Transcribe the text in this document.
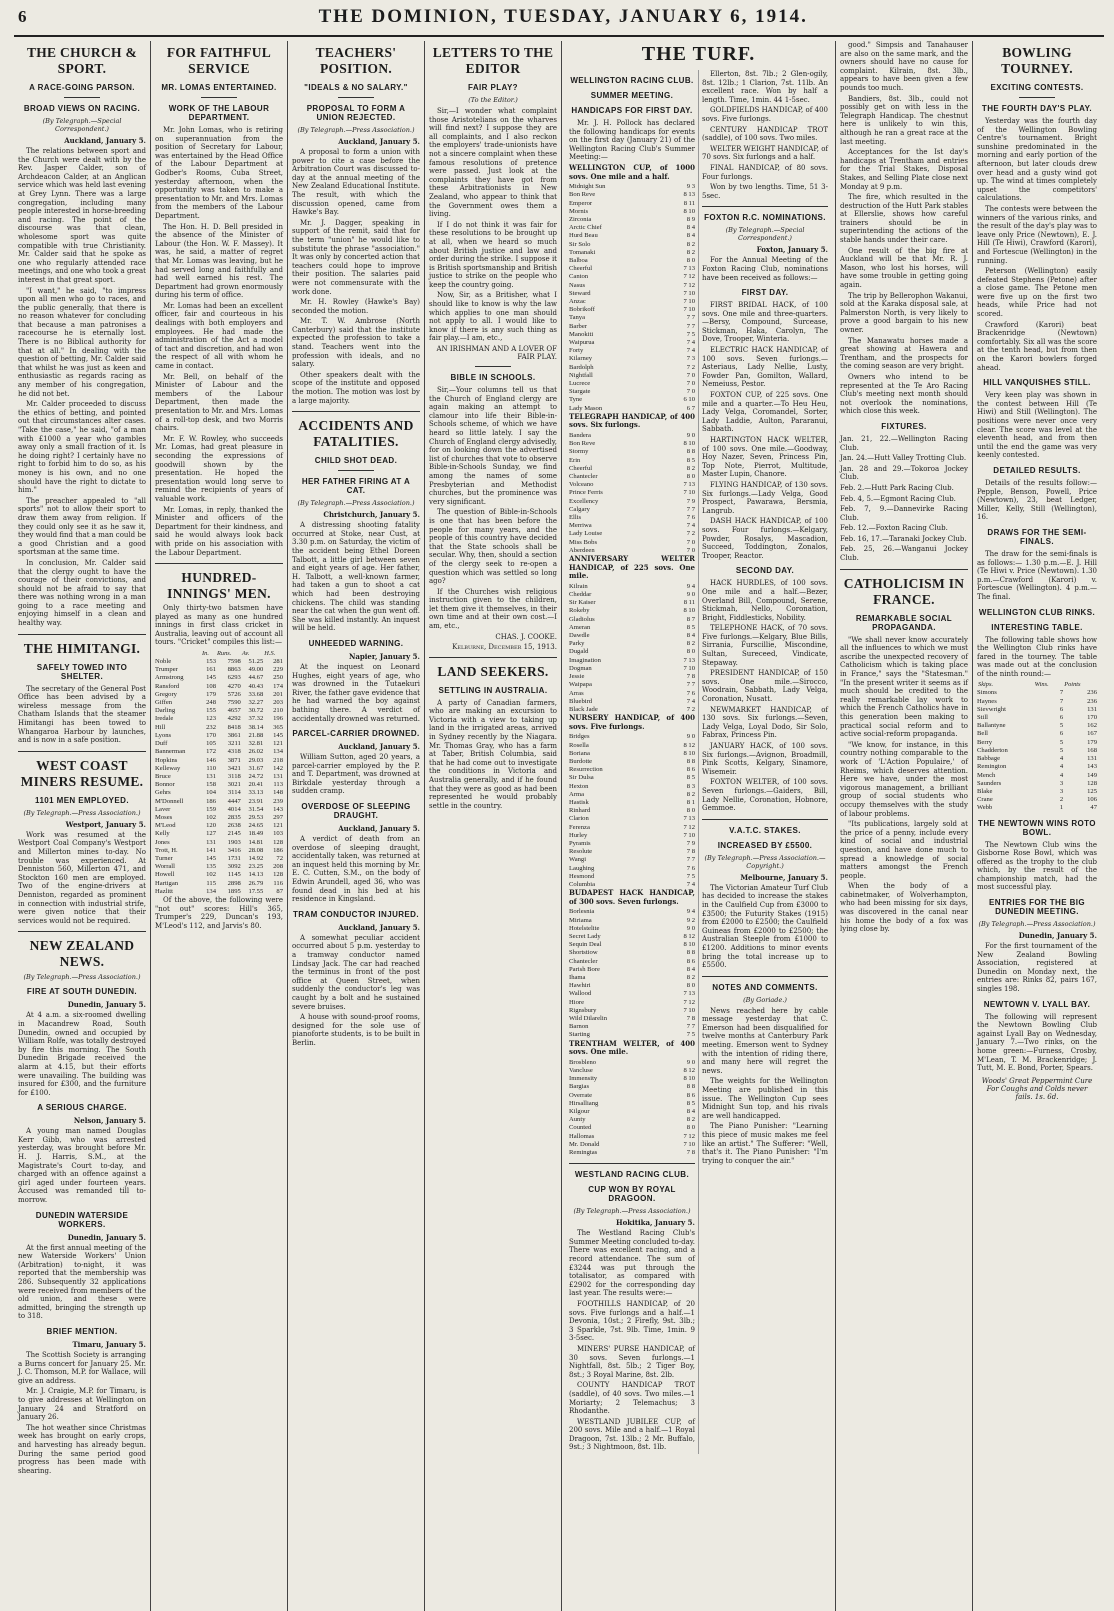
6	THE DOMINION, TUESDAY, JANUARY 6, 1914.
THE CHURCH & SPORT.
A RACE-GOING PARSON.
BROAD VIEWS ON RACING.
(By Telegraph.—Special Correspondent.)
Auckland, January 5.

The relations between sport and the Church were dealt with by the Rev. Jasper Calder, son of Archdeacon Calder, at an Anglican service which was held last evening at Grey Lynn. There was a large congregation, including many people interested in horse-breeding and racing. The point of the discourse was that clean, wholesome sport was quite compatible with true Christianity. Mr. Calder said that he spoke as one who regularly attended race meetings, and one who took a great interest in that great sport.

"I want," he said, "to impress upon all men who go to races, and the public generally, that there is no reason whatever for concluding that because a man patronises a racecourse he is eternally lost. There is no Biblical authority for that at all." In dealing with the question of betting, Mr. Calder said that whilst he was just as keen and enthusiastic as regards racing as any member of his congregation, he did not bet.

Mr. Calder proceeded to discuss the ethics of betting, and pointed out that circumstances alter cases. "Take the case," he said, "of a man with £1000 a year who gambles away only a small fraction of it. Is he doing right? I certainly have no right to forbid him to do so, as his money is his own, and no one should have the right to dictate to him."

The preacher appealed to "all sports" not to allow their sport to draw them away from religion. If they could only see it as he saw it, they would find that a man could be a good Christian and a good sportsman at the same time.

In conclusion, Mr. Calder said that the clergy ought to have the courage of their convictions, and should not be afraid to say that there was nothing wrong in a man going to a race meeting and enjoying himself in a clean and healthy way.

THE HIMITANGI.
SAFELY TOWED INTO SHELTER.

The secretary of the General Post Office has been advised by a wireless message from the Chatham Islands that the steamer Himitangi has been towed to Whangaroa Harbour by launches, and is now in a safe position.

WEST COAST MINERS RESUME.
1101 MEN EMPLOYED.
(By Telegraph.—Press Association.)
Westport, January 5.

Work was resumed at the Westport Coal Company's Westport and Millerton mines to-day. No trouble was experienced. At Denniston 560, Millerton 471, and Stockton 160 men are employed. Two of the engine-drivers at Denniston, regarded as prominent in connection with industrial strife, were given notice that their services would not be required.

NEW ZEALAND NEWS.
(By Telegraph.—Press Association.)
FIRE AT SOUTH DUNEDIN.
Dunedin, January 5.

At 4 a.m. a six-roomed dwelling in Macandrew Road, South Dunedin, owned and occupied by William Rolfe, was totally destroyed by fire this morning. The South Dunedin Brigade received the alarm at 4.15, but their efforts were unavailing. The building was insured for £300, and the furniture for £100.

A SERIOUS CHARGE.
Nelson, January 5.

A young man named Douglas Kerr Gibb, who was arrested yesterday, was brought before Mr. H. J. Harris, S.M., at the Magistrate's Court to-day, and charged with an offence against a girl aged under fourteen years. Accused was remanded till to-morrow.

DUNEDIN WATERSIDE WORKERS.
Dunedin, January 5.

At the first annual meeting of the new Waterside Workers' Union (Arbitration) to-night, it was reported that the membership was 286. Subsequently 32 applications were received from members of the old union, and these were admitted, bringing the strength up to 318.

BRIEF MENTION.
Timaru, January 5.

The Scottish Society is arranging a Burns concert for January 25. Mr. J. C. Thomson, M.P. for Wallace, will give an address.

Mr. J. Craigie, M.P. for Timaru, is to give addresses at Wellington on January 24 and Stratford on January 26.

The hot weather since Christmas week has brought on early crops, and harvesting has already begun. During the same period good progress has been made with shearing.

FOR FAITHFUL SERVICE
MR. LOMAS ENTERTAINED.
WORK OF THE LABOUR DEPARTMENT.

Mr. John Lomas, who is retiring on superannuation from the position of Secretary for Labour, was entertained by the Head Office of the Labour Department at Godber's Rooms, Cuba Street, yesterday afternoon, when the opportunity was taken to make a presentation to Mr. and Mrs. Lomas from the members of the Labour Department.

The Hon. H. D. Bell presided in the absence of the Minister of Labour (the Hon. W. F. Massey). It was, he said, a matter of regret that Mr. Lomas was leaving, but he had served long and faithfully and had well earned his rest. The Department had grown enormously during his term of office.

Mr. Lomas had been an excellent officer, fair and courteous in his dealings with both employers and employees. He had made the administration of the Act a model of tact and discretion, and had won the respect of all with whom he came in contact.

Mr. Bell, on behalf of the Minister of Labour and the members of the Labour Department, then made the presentation to Mr. and Mrs. Lomas of a roll-top desk, and two Morris chairs.

Mr. F. W. Rowley, who succeeds Mr. Lomas, had great pleasure in seconding the expressions of goodwill shown by the presentation. He hoped the presentation would long serve to remind the recipients of years of valuable work.

Mr. Lomas, in reply, thanked the Minister and officers of the Department for their kindness, and said he would always look back with pride on his association with the Labour Department.

HUNDRED-INNINGS' MEN.

Only thirty-two batsmen have played as many as one hundred innings in first class cricket in Australia, leaving out of account all tours. "Cricket" compiles this list:—

	In.	Runs.	Av.	H.S.
Noble	153	7598	51.25	281
Trumper	161	8863	49.00	229
Armstrong	145	6293	44.67	250
Ransford	108	4270	40.43	174
Gregory	179	5726	33.68	201
Giffen	248	7590	32.27	203
Darling	155	4657	30.72	210
Iredale	123	4292	37.32	196
Hill	232	8418	38.14	365
Lyons	170	3861	21.88	145
Duff	105	3211	32.81	121
Bannerman	172	4318	26.02	134
Hopkins	146	3871	29.03	218
Kelleway	110	3421	31.67	142
Bruce	131	3118	24.72	131
Bonnor	158	3021	20.41	113
Gehrs	104	3114	33.13	148
M'Donnell	186	4447	23.91	239
Laver	159	4014	31.54	143
Moses	102	2835	29.53	297
M'Leod	120	2638	24.65	121
Kelly	127	2145	18.49	103
Jones	131	1903	14.81	128
Trott, H.	141	3416	28.08	186
Turner	145	1731	14.92	72
Worrall	135	3092	23.25	208
Howell	102	1145	14.13	128
Hartigan	115	2898	26.79	116
Hazlitt	134	1895	17.55	87

Of the above, the following were "not out" scores: Hill's 365, Trumper's 229, Duncan's 193, M'Leod's 112, and Jarvis's 80.

TEACHERS' POSITION.
"IDEALS & NO SALARY."
PROPOSAL TO FORM A UNION REJECTED.
(By Telegraph.—Press Association.)
Auckland, January 5.

A proposal to form a union with power to cite a case before the Arbitration Court was discussed to-day at the annual meeting of the New Zealand Educational Institute. The result, with which the discussion opened, came from Hawke's Bay.

Mr. J. Dagger, speaking in support of the remit, said that for the term "union" he would like to substitute the phrase "association." It was only by concerted action that teachers could hope to improve their position. The salaries paid were not commensurate with the work done.

Mr. H. Rowley (Hawke's Bay) seconded the motion.

Mr. T. W. Ambrose (North Canterbury) said that the institute expected the profession to take a stand. Teachers went into the profession with ideals, and no salary.

Other speakers dealt with the scope of the institute and opposed the motion. The motion was lost by a large majority.

ACCIDENTS AND FATALITIES.
CHILD SHOT DEAD.
HER FATHER FIRING AT A CAT.
(By Telegraph.—Press Association.)
Christchurch, January 5.

A distressing shooting fatality occurred at Stoke, near Cust, at 3.30 p.m. on Saturday, the victim of the accident being Ethel Doreen Talbott, a little girl between seven and eight years of age. Her father, H. Talbott, a well-known farmer, had taken a gun to shoot a cat which had been destroying chickens. The child was standing near the cat when the gun went off. She was killed instantly. An inquest will be held.

UNHEEDED WARNING.
Napier, January 5.

At the inquest on Leonard Hughes, eight years of age, who was drowned in the Tutaekuri River, the father gave evidence that he had warned the boy against bathing there. A verdict of accidentally drowned was returned.

PARCEL-CARRIER DROWNED.
Auckland, January 5.

William Sutton, aged 20 years, a parcel-carrier employed by the P. and T. Department, was drowned at Birkdale yesterday through a sudden cramp.

OVERDOSE OF SLEEPING DRAUGHT.
Auckland, January 5.

A verdict of death from an overdose of sleeping draught, accidentally taken, was returned at an inquest held this morning by Mr. E. C. Cutten, S.M., on the body of Edwin Arundell, aged 36, who was found dead in his bed at his residence in Kingsland.

TRAM CONDUCTOR INJURED.
Auckland, January 5.

A somewhat peculiar accident occurred about 5 p.m. yesterday to a tramway conductor named Lindsay Jack. The car had reached the terminus in front of the post office at Queen Street, when suddenly the conductor's leg was caught by a bolt and he sustained severe bruises.

A house with sound-proof rooms, designed for the sole use of pianoforte students, is to be built in Berlin.

LETTERS TO THE EDITOR
FAIR PLAY?
(To the Editor.)

Sir,—I wonder what complaint those Aristotelians on the wharves will find next? I suppose they are all complaints, and I also reckon the employers' trade-unionists have not a sincere complaint when these famous resolutions of pretence were passed. Just look at the complaints they have got from these Arbitrationists in New Zealand, who appear to think that the Government owes them a living.

If I do not think it was fair for these resolutions to be brought up at all, when we heard so much about British justice and law and order during the strike. I suppose it is British sportsmanship and British justice to strike on the people who keep the country going.

Now, Sir, as a Britisher, what I should like to know is why the law which applies to one man should not apply to all. I would like to know if there is any such thing as fair play.—I am, etc.,

AN IRISHMAN AND A LOVER OF FAIR PLAY.

BIBLE IN SCHOOLS.

Sir,—Your columns tell us that the Church of England clergy are again making an attempt to clamour into life their Bible-in-Schools scheme, of which we have heard so little lately. I say the Church of England clergy advisedly, for on looking down the advertised list of churches that vote to observe Bible-in-Schools Sunday, we find among the names of some Presbyterian and Methodist churches, but the prominence was very significant.

The question of Bible-in-Schools is one that has been before the people for many years, and the people of this country have decided that the State schools shall be secular. Why, then, should a section of the clergy seek to re-open a question which was settled so long ago?

If the Churches wish religious instruction given to the children, let them give it themselves, in their own time and at their own cost.—I am, etc.,

CHAS. J. COOKE.

Kelburne, December 15, 1913.

LAND SEEKERS.
SETTLING IN AUSTRALIA.

A party of Canadian farmers, who are making an excursion to Victoria with a view to taking up land in the irrigated areas, arrived in Sydney recently by the Niagara. Mr. Thomas Gray, who has a farm at Taber, British Columbia, said that he had come out to investigate the conditions in Victoria and Australia generally, and if he found that they were as good as had been represented he would probably settle in the country.

THE TURF.
WELLINGTON RACING CLUB.
SUMMER MEETING.
HANDICAPS FOR FIRST DAY.

Mr. J. H. Pollock has declared the following handicaps for events on the first day (January 21) of the Wellington Racing Club's Summer Meeting:—

WELLINGTON CUP, of 1000 sovs. One mile and a half.

Midnight Sun	9 3
Bon Reve	8 13
Emperor	8 11
Mornis	8 10
Zirconia	8 9
Arctic Chief	8 4
Hurd Beau	8 4
Sir Solo	8 2
Tomanaki	8 2
Balboa	8 0
Cheerful	7 13
Canton	7 12
Nasus	7 12
Steward	7 10
Anzac	7 10
Bobrikoff	7 10
Tanya	7 7
Barber	7 7
Manokiti	7 5
Waipurua	7 4
Forty	7 4
Kilarney	7 3
Bardolph	7 2
Nightfall	7 0
Lucrece	7 0
Stargate	7 0
Tyne	6 10
Lady Mason	6 7

TELEGRAPH HANDICAP, of 400 sovs. Six furlongs.

Bandera	9 0
Bon Reve	8 10
Stormy	8 8
Erin	8 5
Cheerful	8 2
Chantecler	8 0
Volceano	7 13
Prince Ferris	7 10
Excellency	7 9
Calgary	7 7
Ellis	7 6
Merriwa	7 4
Lady Louise	7 2
Miss Bobs	7 0
Aberdeen	7 0

ANNIVERSARY WELTER HANDICAP, of 225 sovs. One mile.

Kilrain	9 4
Cheddar	9 0
Sir Kaiser	8 11
Rokeby	8 10
Gladiolus	8 7
Ameran	8 5
Dawdle	8 4
Parky	8 2
Dugald	8 0
Imagination	7 13
Dogman	7 10
Jessie	7 8
Waipapa	7 7
Arras	7 6
Bluebird	7 4
Black Jade	7 2

NURSERY HANDICAP, of 400 sovs. Five furlongs.

Bridges	9 0
Rosella	8 12
Boriana	8 10
Burdotte	8 8
Resurrection	8 6
Sir Dulsa	8 5
Hexton	8 3
Arma	8 2
Hastisk	8 1
Rinhard	8 0
Clarion	7 13
Ferenza	7 12
Hurley	7 10
Pyramis	7 9
Resolute	7 8
Wangi	7 7
Laughing	7 6
Hesmond	7 5
Columbia	7 4

BUDAPEST HACK HANDICAP, of 300 sovs. Seven furlongs.

Borlesnia	9 4
Miriama	9 2
Hotelstelite	9 0
Secret Lady	8 12
Sequin Deal	8 10
Shortstiow	8 8
Chantecler	8 6
Parish Bore	8 4
Ihama	8 2
Hawhiri	8 0
Wallood	7 13
Hiore	7 12
Rignsbury	7 10
Wild Dilarelin	7 8
Barnon	7 7
Starting	7 5

TRENTHAM WELTER, of 400 sovs. One mile.

Brosbleno	9 0
Vancluse	8 12
Immensity	8 10
Bargias	8 8
Overrate	8 6
Hirsalliang	8 5
Kilgour	8 4
Aunty	8 2
Counted	8 0
Hallomas	7 12
Mr. Donald	7 10
Remingtas	7 8
WESTLAND RACING CLUB.
CUP WON BY ROYAL DRAGOON.
(By Telegraph.—Press Association.)
Hokitika, January 5.

The Westland Racing Club's Summer Meeting concluded to-day. There was excellent racing, and a record attendance. The sum of £3244 was put through the totalisator, as compared with £2902 for the corresponding day last year. The results were:—

FOOTHILLS HANDICAP, of 20 sovs. Five furlongs and a half.—1 Devonia, 10st.; 2 Firefly, 9st. 3lb.; 3 Sparkle, 7st. 9lb. Time, 1min. 9 3-5sec.

MINERS' PURSE HANDICAP, of 30 sovs. Seven furlongs.—1 Nightfall, 8st. 5lb.; 2 Tiger Boy, 8st.; 3 Royal Marine, 8st. 2lb.

COUNTY HANDICAP TROT (saddle), of 40 sovs. Two miles.—1 Moriarty; 2 Telemachus; 3 Rhodanthe.

WESTLAND JUBILEE CUP, of 200 sovs. Mile and a half.—1 Royal Dragoon, 7st. 13lb.; 2 Mr. Buffalo, 9st.; 3 Nightmoon, 8st. 1lb.

Ellerton, 8st. 7lb.; 2 Glen-ogily, 8st. 12lb.; 1 Clarion, 7st. 11lb. An excellent race. Won by half a length. Time, 1min. 44 1-5sec.

GOLDFIELDS HANDICAP, of 400 sovs. Five furlongs.

CENTURY HANDICAP TROT (saddle), of 100 sovs. Two miles.

WELTER WEIGHT HANDICAP, of 70 sovs. Six furlongs and a half.

FINAL HANDICAP, of 80 sovs. Four furlongs.

Won by two lengths. Time, 51 3-5sec.

FOXTON R.C. NOMINATIONS.
(By Telegraph.—Special Correspondent.)
Foxton, January 5.

For the Annual Meeting of the Foxton Racing Club, nominations have been received as follows:—

FIRST DAY.

FIRST BRIDAL HACK, of 100 sovs. One mile and three-quarters.—Bersy, Compound, Surcease, Stickman, Haka, Carolyn, The Dove, Trooper, Winteria.

ELECTRIC HACK HANDICAP, of 100 sovs. Seven furlongs.—Asteriaus, Lady Nellie, Lusty, Fowder Pan, Gomilton, Wallard, Nemeiuss, Pestor.

FOXTON CUP, of 225 sovs. One mile and a quarter.—To Heu Heu, Lady Velga, Coromandel, Sorter, Lady Laddie, Aulton, Pararanui, Sabbath.

HARTINGTON HACK WELTER, of 100 sovs. One mile.—Goodway, Hoy Nazer, Seven, Princess Pin, Top Note, Pierrot, Multitude, Master Lupin, Chanore.

FLYING HANDICAP, of 130 sovs. Six furlongs.—Lady Velga, Good Prospect, Pawarawa, Bersmia, Langrub.

DASH HACK HANDICAP, of 100 sovs. Four furlongs.—Kelgary, Powder, Rosalys, Mascadion, Succeed, Toddington, Zonalos, Trooper, Reactor.

SECOND DAY.

HACK HURDLES, of 100 sovs. One mile and a half.—Bezer, Overland Bill, Compound, Serene, Stickmah, Nello, Coronation, Bright, Fiddlesticks, Nobility.

TELEPHONE HACK, of 70 sovs. Five furlongs.—Kelgary, Blue Bills, Sirrania, Furscillie, Miscondine, Sultan, Sureceed, Vindicate, Stepaway.

PRESIDENT HANDICAP, of 150 sovs. One mile.—Sirocco, Woodrain, Sabbath, Lady Velga, Coronation, Nusatt.

NEWMARKET HANDICAP, of 130 sovs. Six furlongs.—Seven, Lady Velga, Loyal Dodo, Sir Solo, Fabrax, Princess Pin.

JANUARY HACK, of 100 sovs. Six furlongs.—Avignon, Broadmill, Pink Scotts, Kelgary, Sinamore, Wisemeir.

FOXTON WELTER, of 100 sovs. Seven furlongs.—Gaiders, Bill, Lady Nellie, Coronation, Hobnore, Gemmoe.

V.A.T.C. STAKES.
INCREASED BY £5500.
(By Telegraph.—Press Association.—Copyright.)
Melbourne, January 5.

The Victorian Amateur Turf Club has decided to increase the stakes in the Caulfield Cup from £3000 to £3500; the Futurity Stakes (1915) from £2000 to £2500; the Caulfield Guineas from £2000 to £2500; the Australian Steeple from £1000 to £1200. Additions to minor events bring the total increase up to £5500.

NOTES AND COMMENTS.
(By Goriade.)

News reached here by cable message yesterday that C. Emerson had been disqualified for twelve months at Canterbury Park meeting. Emerson went to Sydney with the intention of riding there, and many here will regret the news.

The weights for the Wellington Meeting are published in this issue. The Wellington Cup sees Midnight Sun top, and his rivals are well handicapped.

The Piano Punisher: "Learning this piece of music makes me feel like an artist." The Sufferer: "Well, that's it. The Piano Punisher: "I'm trying to conquer the air."

good." Simpsis and Tanahauser are also on the same mark, and the owners should have no cause for complaint. Kilrain, 8st. 3lb., appears to have been given a few pounds too much.

Bandiers, 8st. 3lb., could not possibly get on with less in the Telegraph Handicap. The chestnut here is unlikely to win this, although he ran a great race at the last meeting.

Acceptances for the Ist day's handicaps at Trentham and entries for the Trial Stakes, Disposal Stakes, and Selling Plate close next Monday at 9 p.m.

The fire, which resulted in the destruction of the Hutt Park stables at Ellerslie, shows how careful trainers should be in superintending the actions of the stable hands under their care.

One result of the big fire at Auckland will be that Mr. R. J. Mason, who lost his horses, will have some trouble in getting going again.

The trip by Bellerophon Wakanui, sold at the Karaka disposal sale, at Palmerston North, is very likely to prove a good bargain to his new owner.

The Manawatu horses made a great showing at Hawera and Trentham, and the prospects for the coming season are very bright.

Owners who intend to be represented at the Te Aro Racing Club's meeting next month should not overlook the nominations, which close this week.

FIXTURES.

Jan. 21, 22.—Wellington Racing Club.

Jan. 24.—Hutt Valley Trotting Club.

Jan. 28 and 29.—Tokoroa Jockey Club.

Feb. 2.—Hutt Park Racing Club.

Feb. 4, 5.—Egmont Racing Club.

Feb. 7, 9.—Dannevirke Racing Club.

Feb. 12.—Foxton Racing Club.

Feb. 16, 17.—Taranaki Jockey Club.

Feb. 25, 26.—Wanganui Jockey Club.

CATHOLICISM IN FRANCE.
REMARKABLE SOCIAL PROPAGANDA.

"We shall never know accurately all the influences to which we must ascribe the unexpected recovery of Catholicism which is taking place in France," says the "Statesman." "In the present writer it seems as if much should be credited to the really remarkable lay work to which the French Catholics have in this generation been making to practical social reform and to active social-reform propaganda.

"We know, for instance, in this country nothing comparable to the work of 'L'Action Populaire,' of Rheims, which deserves attention. Here we have, under the most vigorous management, a brilliant group of social students who occupy themselves with the study of labour problems.

"Its publications, largely sold at the price of a penny, include every kind of social and industrial question, and have done much to spread a knowledge of social matters amongst the French people.

When the body of a cabinetmaker, of Wolverhampton, who had been missing for six days, was discovered in the canal near his home the body of a fox was lying close by.

BOWLING TOURNEY.
EXCITING CONTESTS.
THE FOURTH DAY'S PLAY.

Yesterday was the fourth day of the Wellington Bowling Centre's tournament. Bright sunshine predominated in the morning and early portion of the afternoon, but later clouds drew over head and a gusty wind got up. The wind at times completely upset the competitors' calculations.

The contests were between the winners of the various rinks, and the result of the day's play was to leave only Price (Newtown), E. J. Hill (Te Hiwi), Crawford (Karori), and Fortescue (Wellington) in the running.

Peterson (Wellington) easily defeated Stephens (Petone) after a close game. The Petone men were five up on the first two heads, while Price had not scored.

Crawford (Karori) beat Brackenridge (Newtown) comfortably. Six all was the score at the tenth head, but from then on the Karori bowlers forged ahead.

HILL VANQUISHES STILL.

Very keen play was shown in the contest between Hill (Te Hiwi) and Still (Wellington). The positions were never once very clear. The score was level at the eleventh head, and from then until the end the game was very keenly contested.

DETAILED RESULTS.

Details of the results follow:— Pepple, Benson, Powell, Price (Newtown), 23, beat Ledger, Miller, Kelly, Still (Wellington), 16.

DRAWS FOR THE SEMI-FINALS.

The draw for the semi-finals is as follows:— 1.30 p.m.—E. J. Hill (Te Hiwi v. Price (Newtown). 1.30 p.m.—Crawford (Karori) v. Fortescue (Wellington). 4 p.m.—The final.

WELLINGTON CLUB RINKS.
INTERESTING TABLE.

The following table shows how the Wellington Club rinks have fared in the tourney. The table was made out at the conclusion of the ninth round:—

Skips.	Wins.	Points
Simons	7	236
Haynes	7	236
Sievwright	6	131
Still	6	170
Ballantyne	5	162
Bell	6	167
Berry	5	179
Chadderton	5	168
Babbage	4	131
Remington	4	143
Mench	4	149
Saunders	3	128
Blake	3	125
Crane	2	106
Webb	1	47
THE NEWTOWN WINS ROTO BOWL.

The Newtown Club wins the Gisborne Rose Bowl, which was offered as the trophy to the club which, by the result of the championship match, had the most successful play.

ENTRIES FOR THE BIG DUNEDIN MEETING.
(By Telegraph.—Press Association.)
Dunedin, January 5.

For the first tournament of the New Zealand Bowling Association, registered at Dunedin on Monday next, the entries are: Rinks 82, pairs 167, singles 198.

NEWTOWN V. LYALL BAY.

The following will represent the Newtown Bowling Club against Lyall Bay on Wednesday, January 7.—Two rinks, on the home green:—Furness, Crosby, M'Lean, T. M. Brackenridge; J. Tutt, M. E. Bond, Porter, Spears.

Woods' Great Peppermint Cure For Coughs and Colds never fails. 1s. 6d.
